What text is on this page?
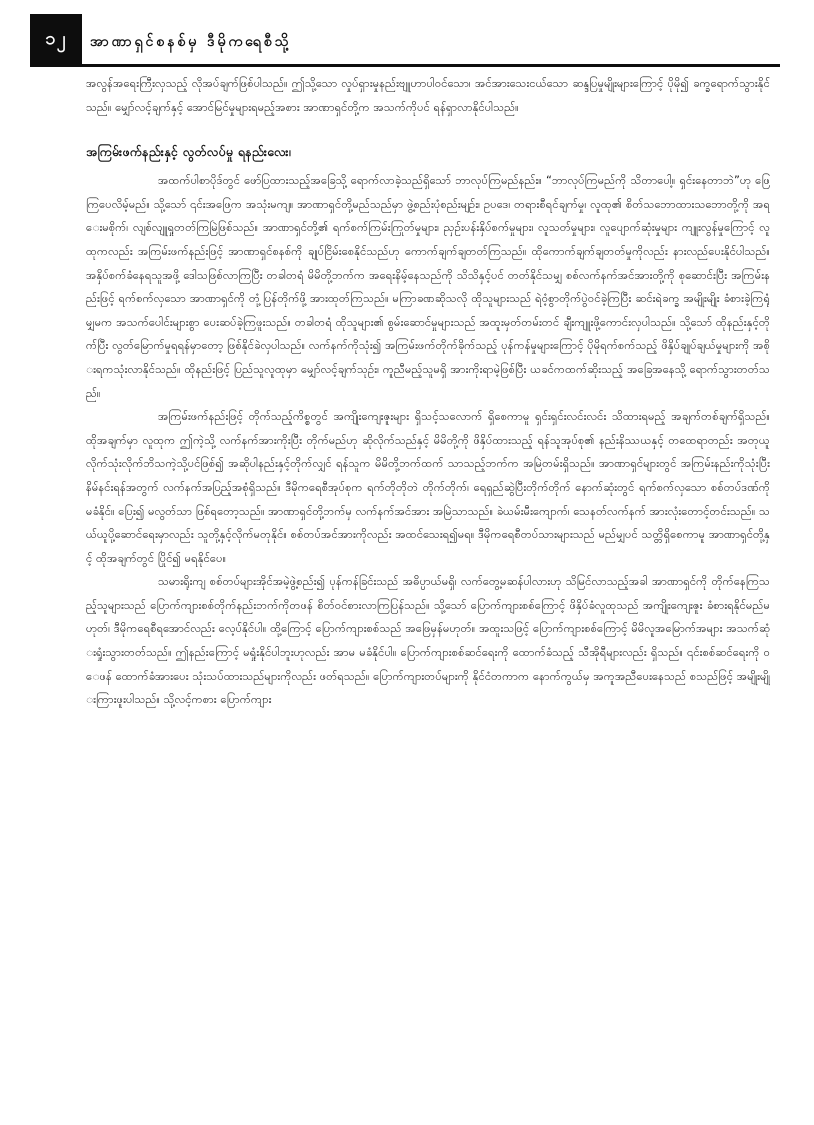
၁၂	အာဏာရှင်စနစ်မှ ဒီမိုကရေစီသို့

အလွန်အရေးကြီးလှသည့် လိုအပ်ချက်ဖြစ်ပါသည်။ ဤသို့သော လှုပ်ရှားမှုနည်းဗျူဟာပါဝင်သော၊ အင်အားသေးငယ်သော ဆန္ဒပြမှုမျိုးများကြောင့် ပိုမို၍ ခက္ခရောက်သွားနိုင်သည်။ မျှော်လင့်ချက်နှင့် အောင်မြင်မှုများရမည့်အစား အာဏာရှင်တို့က အသက်ကိုပင် ရန်ရှာလာနိုင်ပါသည်။

အကြမ်းဖက်နည်းနှင့် လွတ်လပ်မှု ရနည်းလေး၊

အထက်ပါစာပိုဒ်တွင် ဖော်ပြထားသည့်အခြေသို့ ရောက်လာခဲ့သည်ရှိသော် ဘာလုပ်ကြမည်နည်း။ “ဘာလုပ်ကြမည်ကို သိတာပေါ့။ ရှင်းနေတာဘဲ”ဟု ဖြေကြပေလိမ့်မည်။ သို့သော် ၎င်းအဖြေက အသုံးမကျ။ အာဏာရှင်တို့မည်သည်မှာ ဖွဲ့စည်းပုံစည်းမျဉ်း၊ ဥပဒေ၊ တရားစီရင်ချက်မှု၊ လူထု၏ စိတ်သဘောထားသဘောတို့ကို အရေးမစိုက်၊ လျစ်လျူရှုတတ်ကြမြဲဖြစ်သည်။ အာဏာရှင်တို့၏ ရက်စက်ကြမ်းကြုတ်မှုများ၊ ညှဉ်းပန်းနှိပ်စက်မှုများ၊ လူသတ်မှုများ၊ လူပျောက်ဆုံးမှုများ ကျူးလွန်မှုကြောင့် လူထုကလည်း အကြမ်းဖက်နည်းဖြင့် အာဏာရှင်စနစ်ကို ချုပ်ငြိမ်းစေနိုင်သည်ဟု ကောက်ချက်ချတတ်ကြသည်။ ထိုကောက်ချက်ချတတ်မှုကိုလည်း နားလည်ပေးနိုင်ပါသည်။ အနှိပ်စက်ခံနေရသူအဖို့ ဒေါသဖြစ်လာကြပြီး တခါတရံ မိမိတို့ဘက်က အရေးနိမ့်နေသည်ကို သိသိနှင့်ပင် တတ်နိုင်သမျှ စစ်လက်နက်အင်အားတို့ကို စုဆောင်းပြီး အကြမ်းနည်းဖြင့် ရက်စက်လှသော အာဏာရှင်ကို တုံ့ပြန်တိုက်ဖို့ အားထုတ်ကြသည်။ မကြာခဏဆိုသလို ထိုသူများသည် ရဲဝံ့စွာတိုက်ပွဲဝင်ခဲ့ကြပြီး ဆင်းရဲခက္ခ အမျိုးမျိုး ခံစားခဲ့ကြရုံမျှမက အသက်ပေါင်းများစွာ ပေးဆပ်ခဲ့ကြဖူးသည်။ တခါတရံ ထိုသူများ၏ စွမ်းဆောင်မှုများသည် အထူးမှတ်တမ်းတင် ချီးကျူးဖို့ကောင်းလှပါသည်။ သို့သော် ထိုနည်းနှင့်တိုက်ပြီး လွတ်မြောက်မှုရရန်မှာတော့ ဖြစ်နိုင်ခဲလှပါသည်။ လက်နက်ကိုသုံး၍ အကြမ်းဖက်တိုက်ခိုက်သည့် ပုန်ကန်မှုများကြောင့် ပိုမိုရက်စက်သည့် ဖိနှိပ်ချုပ်ချယ်မှုများကို အစိုးရကသုံးလာနိုင်သည်။ ထိုနည်းဖြင့် ပြည်သူလူထုမှာ မျှော်လင့်ချက်သုဉ်း၊ ကူညီမည့်သူမရှိ အားကိုးရာမဲ့ဖြစ်ပြီး ယခင်ကထက်ဆိုးသည့် အခြေအနေသို့ ရောက်သွားတတ်သည်။

အကြမ်းဖက်နည်းဖြင့် တိုက်သည့်ကိစ္စတွင် အကျိုးကျေးဇူးများ ရှိသင့်သလောက် ရှိစေကာမူ ရှင်းရှင်းလင်းလင်း သိထားရမည့် အချက်တစ်ချက်ရှိသည်။ ထိုအချက်မှာ လူထုက ဤကဲ့သို့ လက်နက်အားကိုးပြီး တိုက်မည်ဟု ဆိုလိုက်သည်နှင့် မိမိတို့ကို ဖိနှိပ်ထားသည့် ရန်သူအုပ်စု၏ နည်းနိဿယနှင့် တထေရာတည်း အတုယူလိုက်သုံးလိုက်ဘိသကဲ့သို့ပင်ဖြစ်၍ အဆိုပါနည်းနှင့်တိုက်လျှင် ရန်သူက မိမိတို့ဘက်ထက် သာသည့်ဘက်က အမြဲတမ်းရှိသည်။ အာဏာရှင်များတွင် အကြမ်းနည်းကိုသုံးပြီး နိမ်နင်းရန်အတွက် လက်နက်အပြည့်အစုံရှိသည်။ ဒီမိုကရေစီအုပ်စုက ရက်တိုတိုတဲ တိုက်တိုက်၊ ရေရှည်ဆွဲပြီးတိုက်တိုက် နောက်ဆုံးတွင် ရက်စက်လှသော စစ်တပ်ဒဏ်ကို မခံနိုင်။ ပြေး၍ မလွတ်သာ ဖြစ်ရတော့သည်။ အာဏာရှင်တို့ဘက်မှ လက်နက်အင်အား အမြဲသာသည်။ ခဲယမ်းမီးကျောက်၊ သေနတ်လက်နက် အားလုံးတောင့်တင်းသည်။ သယ်ယူပို့ဆောင်ရေးမှာလည်း သူတို့နှင့်လိုက်မတုနိုင်။ စစ်တပ်အင်အားကိုလည်း အထင်သေးရ၍မရ။ ဒီမိုကရေစီတပ်သားများသည် မည်မျှပင် သတ္တိရှိစေကာမူ အာဏာရှင်တို့နှင့် ထိုအချက်တွင် ပြိုင်၍ မရနိုင်ပေ။

သမားရိုးကျ စစ်တပ်များအိုင်အမဲ့ဖွဲ့စည်း၍ ပုန်ကန်ခြင်းသည် အဓိပ္ပာယ်မရှိ၊ လက်တွေ့မဆန်ပါလားဟု သိမြင်လာသည့်အခါ အာဏာရှင်ကို တိုက်နေကြသည့်သူများသည် ပြောက်ကျားစစ်တိုက်နည်းဘက်ကိုတဖန် စိတ်ဝင်စားလာကြပြန်သည်။ သို့သော် ပြောက်ကျားစစ်ကြောင့် ဖိနှိပ်ခံလူထုသည် အကျိုးကျေးဇူး ခံစားရနိုင်မည်မဟုတ်၊ ဒီမိုကရေစီရအောင်လည်း လေ့ပ်နိုင်ပါ။ ထို့ကြောင့် ပြောက်ကျားစစ်သည် အဖြေမှန်မဟုတ်။ အထူးသဖြင့် ပြောက်ကျားစစ်ကြောင့် မိမိလူအမြောက်အများ အသက်ဆုံးရှုံးသွားတတ်သည်။ ဤနည်းကြောင့် မရှုံးနိုင်ပါဘူးဟုလည်း အာမ မခံနိုင်ပါ။ ပြောက်ကျားစစ်ဆင်ရေးကို ထောက်ခံသည့် သီအိုရီများလည်း ရှိသည်။ ၎င်းစစ်ဆင်ရေးကို ဝေဖန် ထောက်ခံအားပေး သုံးသပ်ထားသည်များကိုလည်း ဖတ်ရသည်။ ပြောက်ကျားတပ်များကို နိုင်ငံတကာက နောက်ကွယ်မှ အကူအညီပေးနေသည် စသည်ဖြင့် အမျိုးမျိုးကြားဖူးပါသည်။ သို့လင့်ကစား ပြောက်ကျား
